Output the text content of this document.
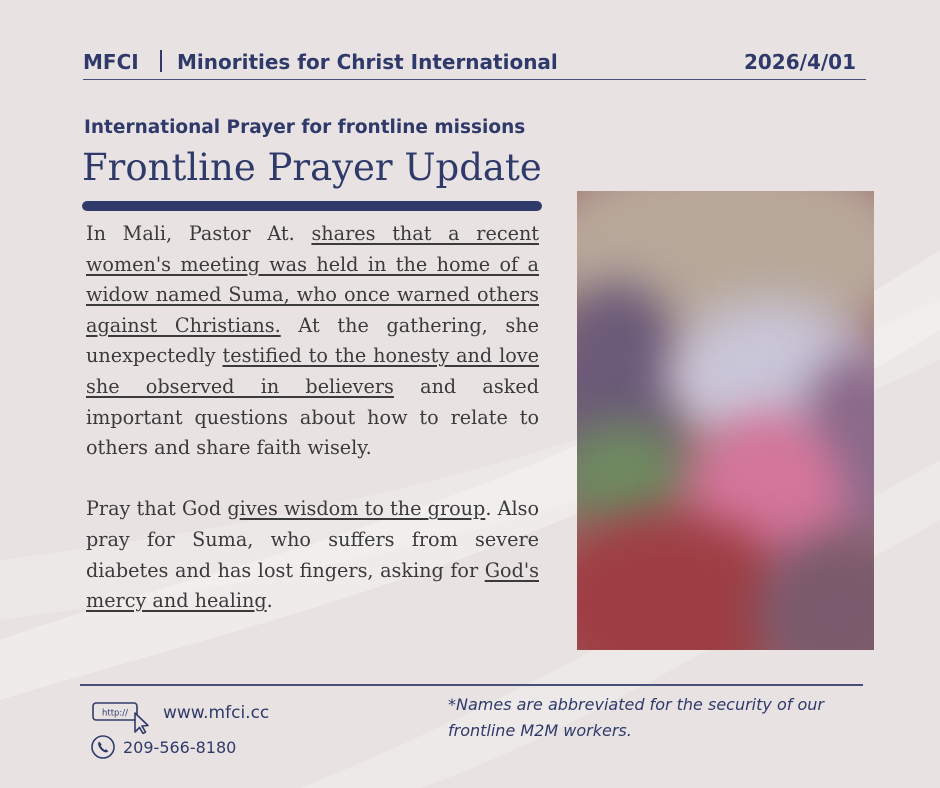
MFCI Minorities for Christ International	2026/4/01
International Prayer for frontline missions
Frontline Prayer Update

In Mali, Pastor At. shares that a recent women's meeting was held in the home of a widow named Suma, who once warned others against Christians. At the gathering, she unexpectedly testified to the honesty and love she observed in believers and asked important questions about how to relate to others and share faith wisely.

Pray that God gives wisdom to the group. Also pray for Suma, who suffers from severe diabetes and has lost fingers, asking for God's mercy and healing.

http:// www.mfci.cc
209-566-8180
*Names are abbreviated for the security of our frontline M2M workers.
